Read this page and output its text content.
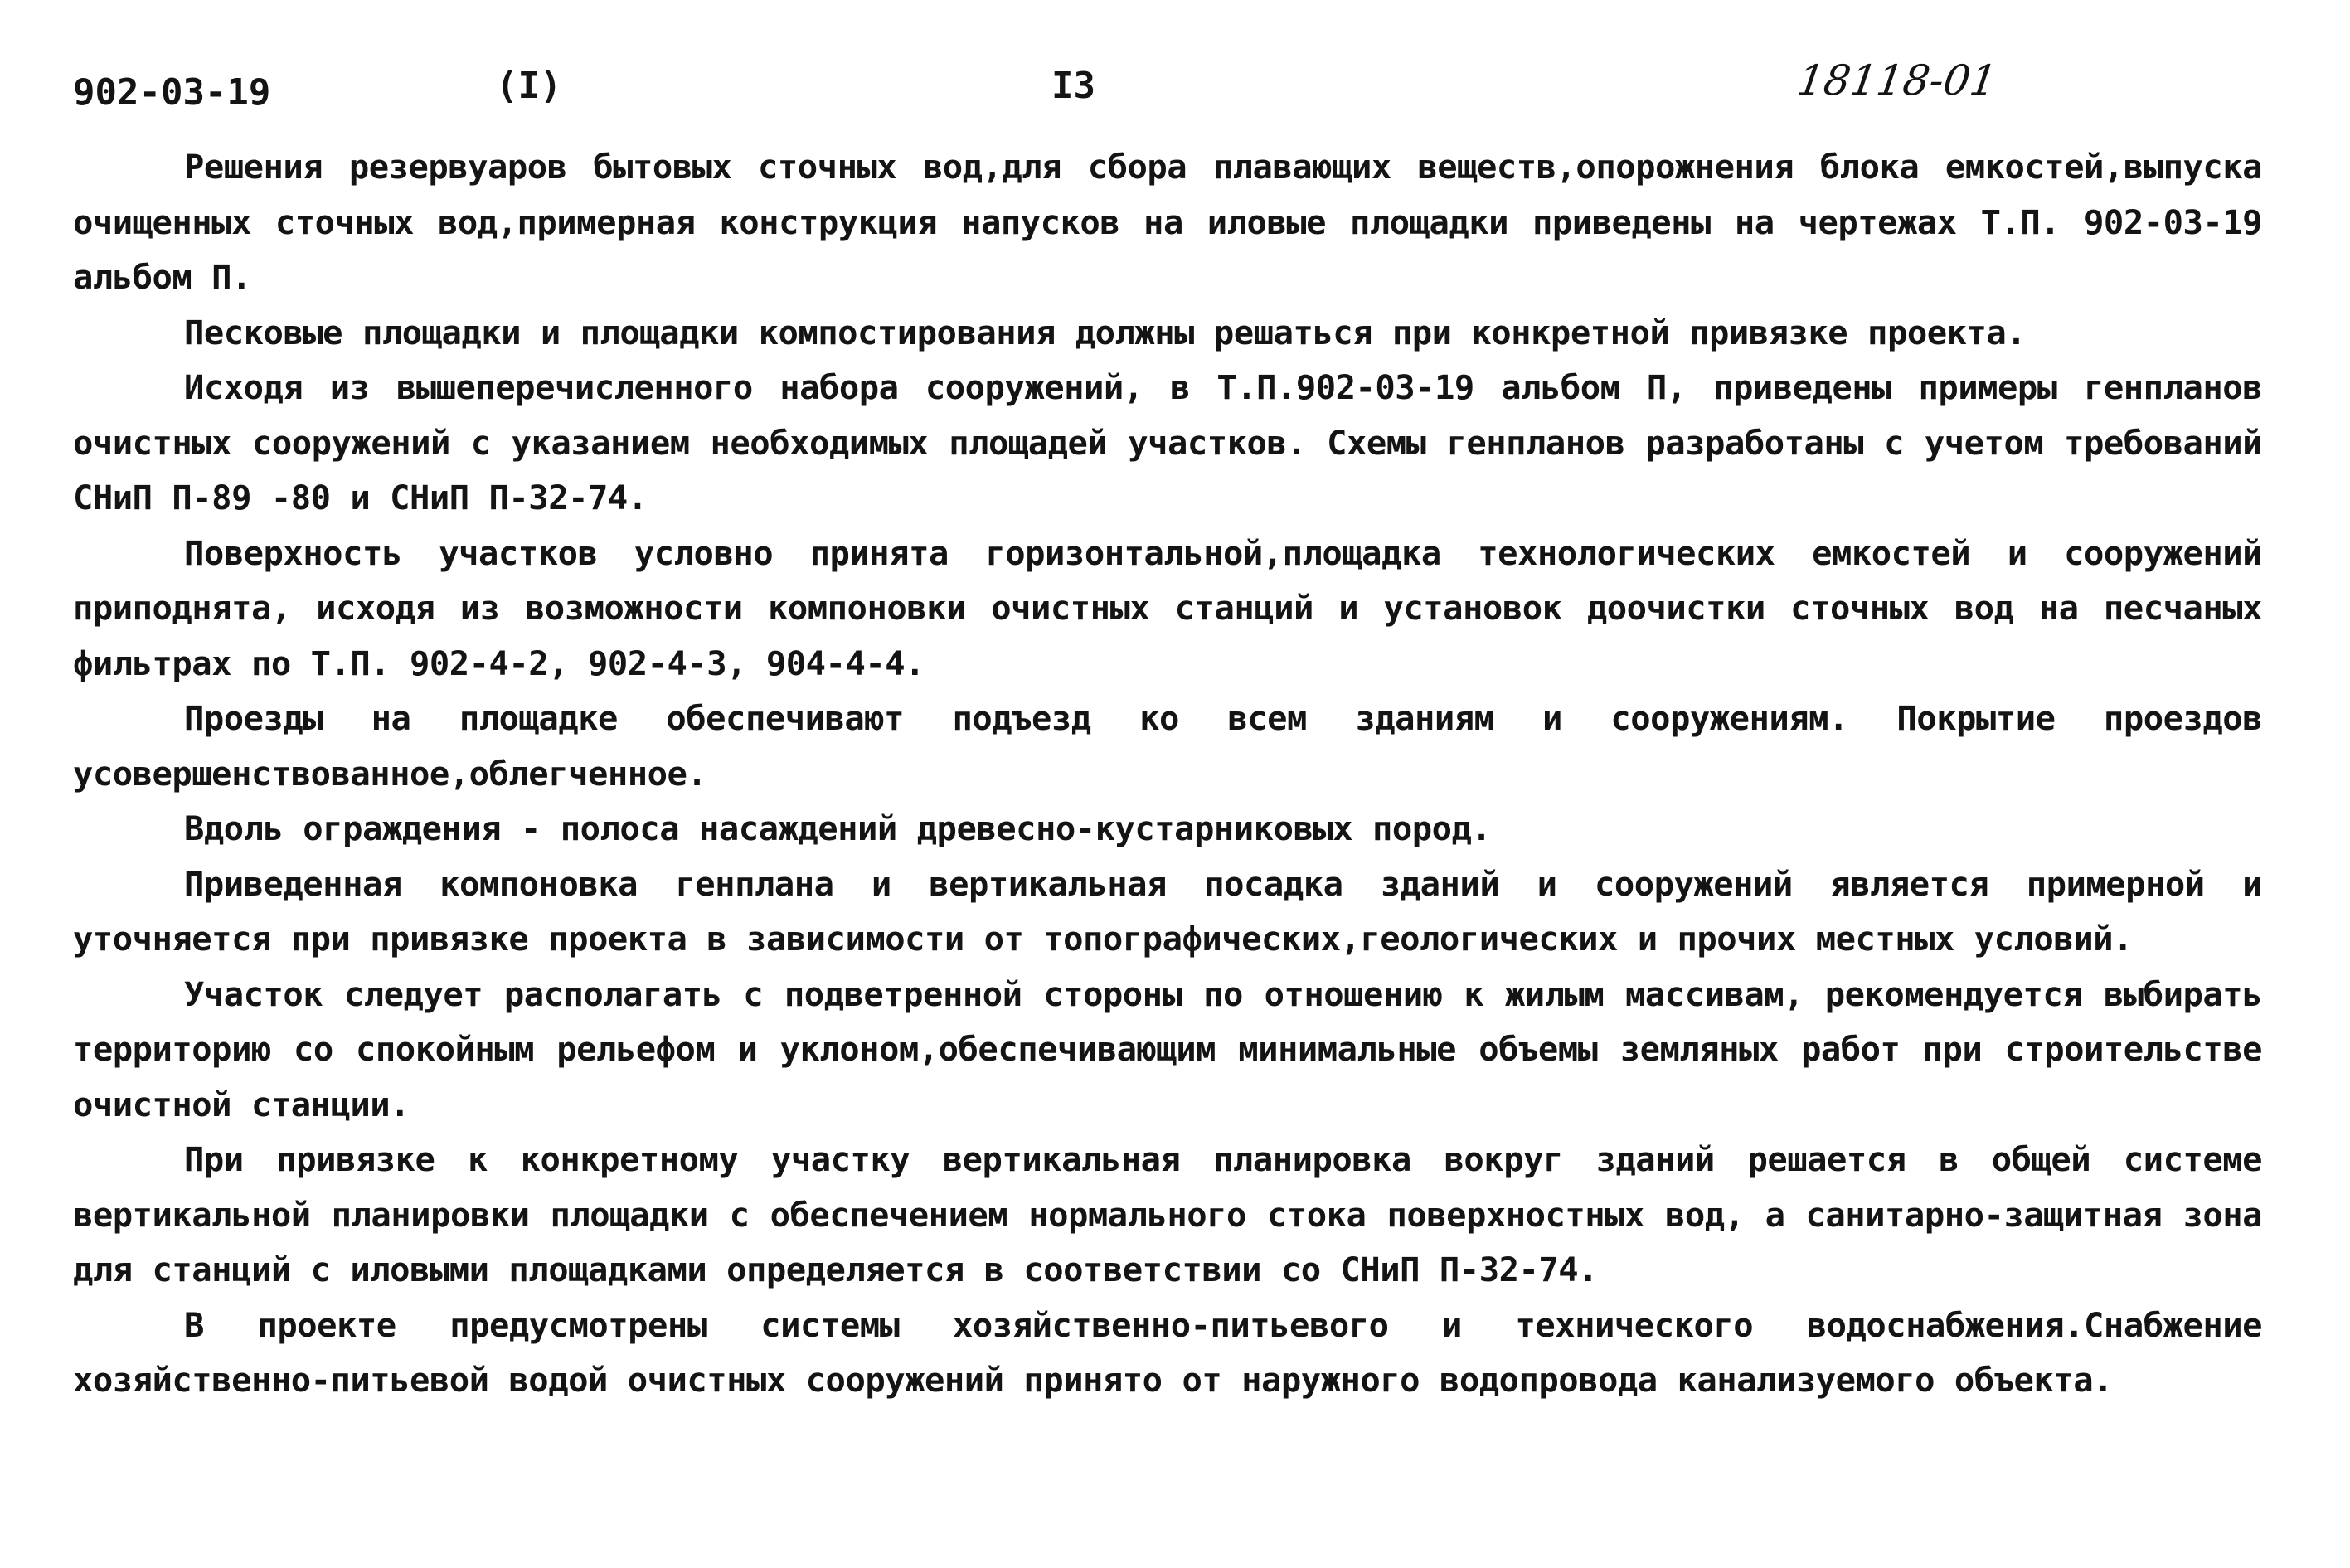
902-03-19	(I)	I3	18118-01

Решения резервуаров бытовых сточных вод,для сбора плавающих веществ,опорожнения блока емкостей,выпуска очищенных сточных вод,примерная конструкция напусков на иловые площадки приведены на чертежах Т.П. 902-03-19 альбом П.

Песковые площадки и площадки компостирования должны решаться при конкретной привязке проекта.

Исходя из вышеперечисленного набора сооружений, в Т.П.902-03-19 альбом П, приведены примеры генпланов очистных сооружений с указанием необходимых площадей участков. Схемы генпланов разработаны с учетом требований СНиП П-89 -80 и СНиП П-32-74.

Поверхность участков условно принята горизонтальной,площадка технологических емкостей и сооружений приподнята, исходя из возможности компоновки очистных станций и установок доочистки сточных вод на песчаных фильтрах по Т.П. 902-4-2, 902-4-3, 904-4-4.

Проезды на площадке обеспечивают подъезд ко всем зданиям и сооружениям. Покрытие проездов усовершенствованное,облегченное.

Вдоль ограждения - полоса насаждений древесно-кустарниковых пород.

Приведенная компоновка генплана и вертикальная посадка зданий и сооружений является примерной и уточняется при привязке проекта в зависимости от топографических,геологических и прочих местных условий.

Участок следует располагать с подветренной стороны по отношению к жилым массивам, рекомендуется выбирать территорию со спокойным рельефом и уклоном,обеспечивающим минимальные объемы земляных работ при строительстве очистной станции.

При привязке к конкретному участку вертикальная планировка вокруг зданий решается в общей системе вертикальной планировки площадки с обеспечением нормального стока поверхностных вод, а санитарно-защитная зона для станций с иловыми площадками определяется в соответствии со СНиП П-32-74.

В проекте предусмотрены системы хозяйственно-питьевого и технического водоснабжения.Снабжение хозяйственно-питьевой водой очистных сооружений принято от наружного водопровода канализуемого объекта.
